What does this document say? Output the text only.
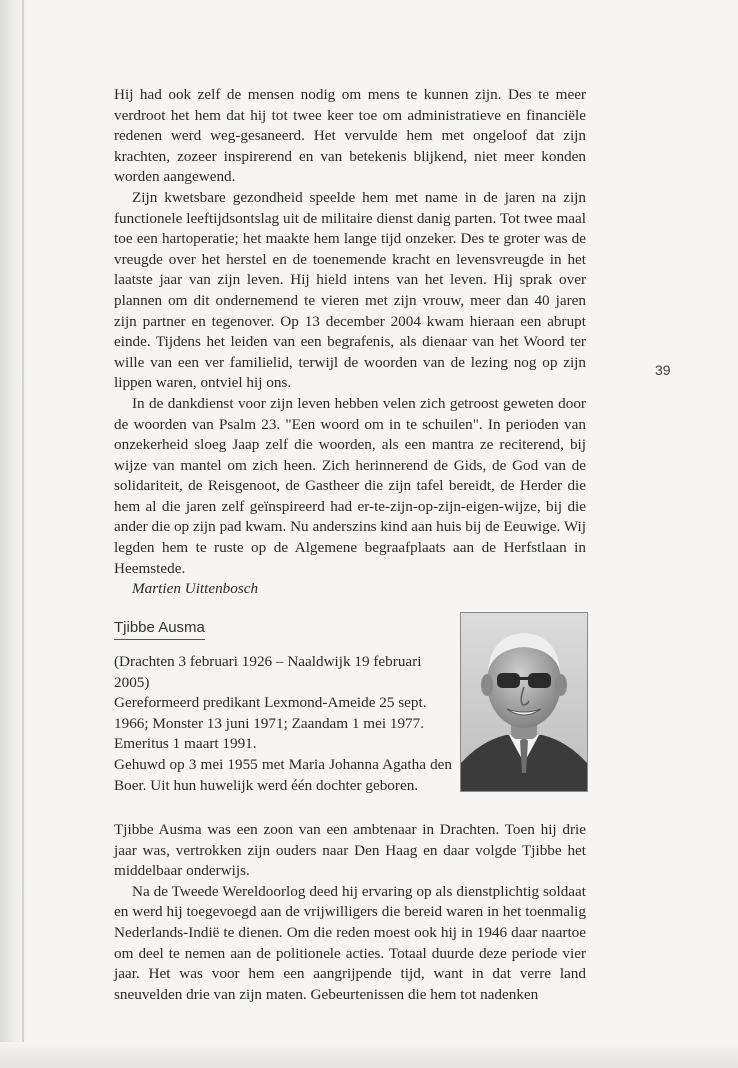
Hij had ook zelf de mensen nodig om mens te kunnen zijn. Des te meer verdroot het hem dat hij tot twee keer toe om administratieve en financiële redenen werd weg-gesaneerd. Het vervulde hem met ongeloof dat zijn krachten, zozeer inspirerend en van betekenis blijkend, niet meer konden worden aangewend.

Zijn kwetsbare gezondheid speelde hem met name in de jaren na zijn functionele leeftijdsontslag uit de militaire dienst danig parten. Tot twee maal toe een hartoperatie; het maakte hem lange tijd onzeker. Des te groter was de vreugde over het herstel en de toenemende kracht en levensvreugde in het laatste jaar van zijn leven. Hij hield intens van het leven. Hij sprak over plannen om dit ondernemend te vieren met zijn vrouw, meer dan 40 jaren zijn partner en tegenover. Op 13 december 2004 kwam hieraan een abrupt einde. Tijdens het leiden van een begrafenis, als dienaar van het Woord ter wille van een ver familielid, terwijl de woorden van de lezing nog op zijn lippen waren, ontviel hij ons.

In de dankdienst voor zijn leven hebben velen zich getroost geweten door de woorden van Psalm 23. "Een woord om in te schuilen". In perioden van onzekerheid sloeg Jaap zelf die woorden, als een mantra ze reciterend, bij wijze van mantel om zich heen. Zich herinnerend de Gids, de God van de solidariteit, de Reisgenoot, de Gastheer die zijn tafel bereidt, de Herder die hem al die jaren zelf geïnspireerd had er-te-zijn-op-zijn-eigen-wijze, bij die ander die op zijn pad kwam. Nu anderszins kind aan huis bij de Eeuwige. Wij legden hem te ruste op de Algemene begraafplaats aan de Herfstlaan in Heemstede.

Martien Uittenbosch

39
Tjibbe Ausma

(Drachten 3 februari 1926 – Naaldwijk 19 februari 2005)

Gereformeerd predikant Lexmond-Ameide 25 sept. 1966; Monster 13 juni 1971; Zaandam 1 mei 1977. Emeritus 1 maart 1991.

Gehuwd op 3 mei 1955 met Maria Johanna Agatha den Boer. Uit hun huwelijk werd één dochter geboren.

Tjibbe Ausma was een zoon van een ambtenaar in Drachten. Toen hij drie jaar was, vertrokken zijn ouders naar Den Haag en daar volgde Tjibbe het middelbaar onderwijs.

Na de Tweede Wereldoorlog deed hij ervaring op als dienstplichtig soldaat en werd hij toegevoegd aan de vrijwilligers die bereid waren in het toenmalig Nederlands-Indië te dienen. Om die reden moest ook hij in 1946 daar naartoe om deel te nemen aan de politionele acties. Totaal duurde deze periode vier jaar. Het was voor hem een aangrijpende tijd, want in dat verre land sneuvelden drie van zijn maten. Gebeurtenissen die hem tot nadenken
